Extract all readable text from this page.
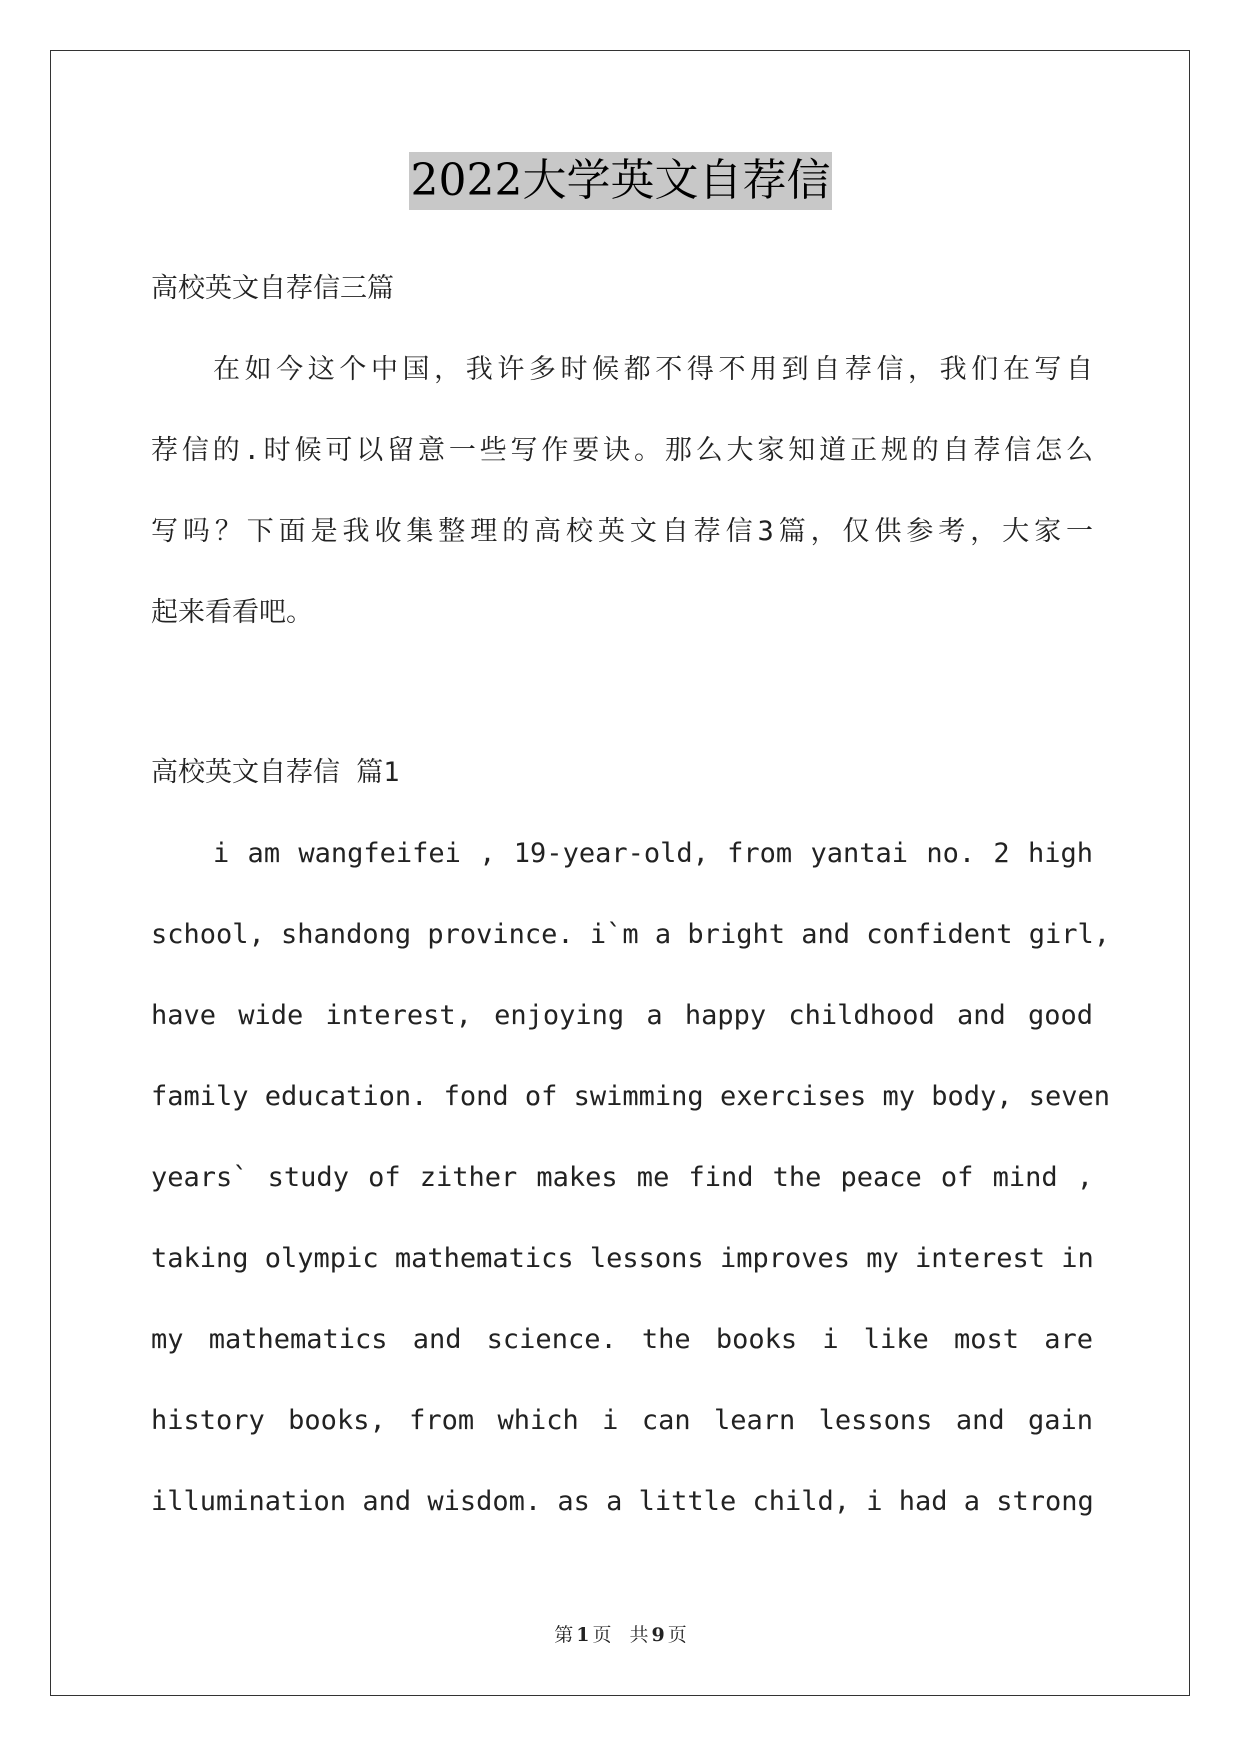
2022大学英文自荐信
高校英文自荐信三篇
在如今这个中国，我许多时候都不得不用到自荐信，我们在写自
荐信的.时候可以留意一些写作要诀。那么大家知道正规的自荐信怎么
写吗？下面是我收集整理的高校英文自荐信3篇，仅供参考，大家一
起来看看吧。
高校英文自荐信 篇1
i am wangfeifei , 19-year-old, from yantai no. 2 high
school, shandong province. i`m a bright and confident girl,
have wide interest, enjoying a happy childhood and good
family education. fond of swimming exercises my body, seven
years` study of zither makes me find the peace of mind ,
taking olympic mathematics lessons improves my interest in
my mathematics and science. the books i like most are
history books, from which i can learn lessons and gain
illumination and wisdom. as a little child, i had a strong
第 1 页 共 9 页
